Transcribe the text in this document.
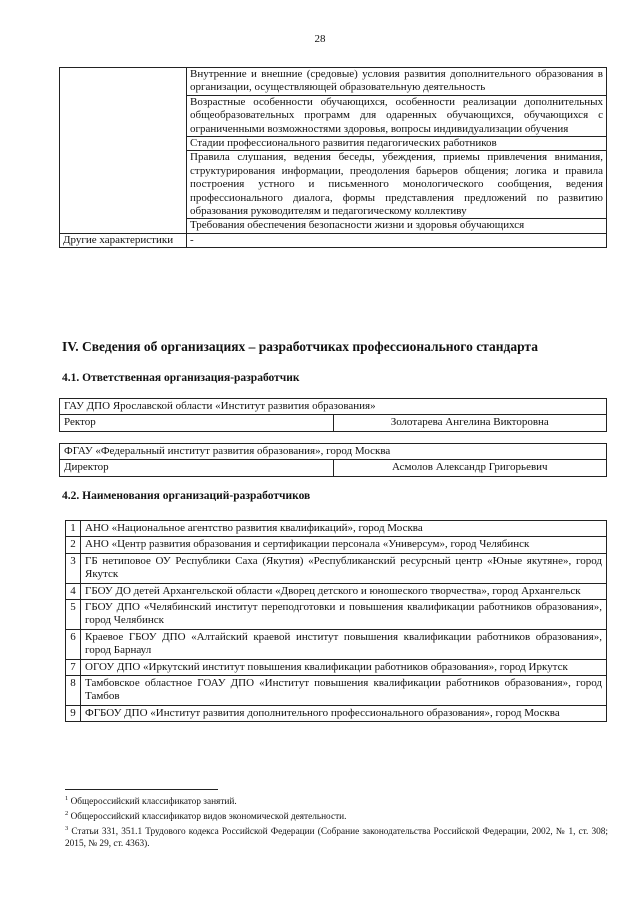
28
	Внутренние и внешние (средовые) условия развития дополнительного образования в организации, осуществляющей образовательную деятельность
	Возрастные особенности обучающихся, особенности реализации дополнительных общеобразовательных программ для одаренных обучающихся, обучающихся с ограниченными возможностями здоровья, вопросы индивидуализации обучения
	Стадии профессионального развития педагогических работников
	Правила слушания, ведения беседы, убеждения, приемы привлечения внимания, структурирования информации, преодоления барьеров общения; логика и правила построения устного и письменного монологического сообщения, ведения профессионального диалога, формы представления предложений по развитию образования руководителям и педагогическому коллективу
	Требования обеспечения безопасности жизни и здоровья обучающихся
Другие характеристики	-
IV. Сведения об организациях – разработчиках профессионального стандарта
4.1. Ответственная организация-разработчик
ГАУ ДПО Ярославской области «Институт развития образования»
Ректор	Золотарева Ангелина Викторовна
ФГАУ «Федеральный институт развития образования», город Москва
Директор	Асмолов Александр Григорьевич
4.2. Наименования организаций-разработчиков
1	АНО «Национальное агентство развития квалификаций», город Москва
2	АНО «Центр развития образования и сертификации персонала «Универсум», город Челябинск
3	ГБ нетиповое ОУ Республики Саха (Якутия) «Республиканский ресурсный центр «Юные якутяне», город Якутск
4	ГБОУ ДО детей Архангельской области «Дворец детского и юношеского творчества», город Архангельск
5	ГБОУ ДПО «Челябинский институт переподготовки и повышения квалификации работников образования», город Челябинск
6	Краевое ГБОУ ДПО «Алтайский краевой институт повышения квалификации работников образования», город Барнаул
7	ОГОУ ДПО «Иркутский институт повышения квалификации работников образования», город Иркутск
8	Тамбовское областное ГОАУ ДПО «Институт повышения квалификации работников образования», город Тамбов
9	ФГБОУ ДПО «Институт развития дополнительного профессионального образования», город Москва

$^1$ Общероссийский классификатор занятий.

$^2$ Общероссийский классификатор видов экономической деятельности.

$^3$ Статьи 331, 351.1 Трудового кодекса Российской Федерации (Собрание законодательства Российской Федерации, 2002, № 1, ст. 308; 2015, № 29, ст. 4363).
